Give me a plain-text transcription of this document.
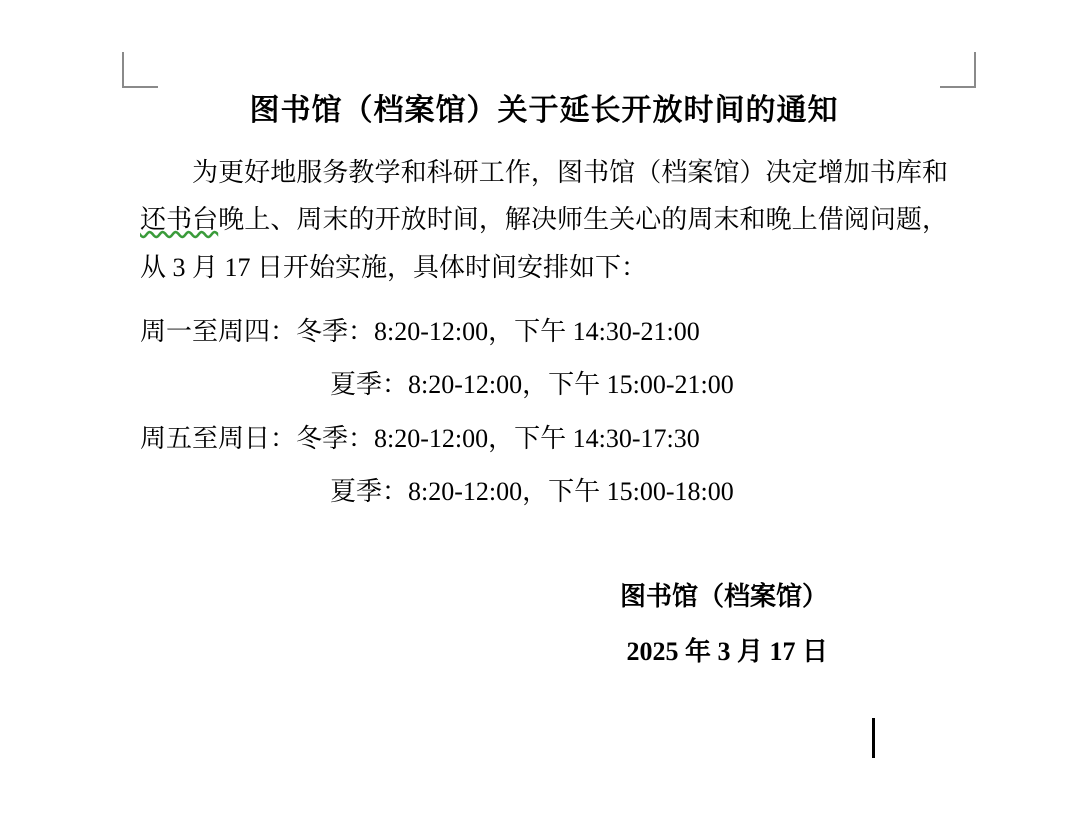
图书馆（档案馆）关于延长开放时间的通知

为更好地服务教学和科研工作，图书馆（档案馆）决定增加书库和还书台晚上、周末的开放时间，解决师生关心的周末和晚上借阅问题，从 3 月 17 日开始实施，具体时间安排如下：

周一至周四：冬季：8:20-12:00，下午 14:30-21:00
夏季：8:20-12:00，下午 15:00-21:00
周五至周日：冬季：8:20-12:00，下午 14:30-17:30
夏季：8:20-12:00，下午 15:00-18:00
图书馆（档案馆）
2025 年 3 月 17 日
